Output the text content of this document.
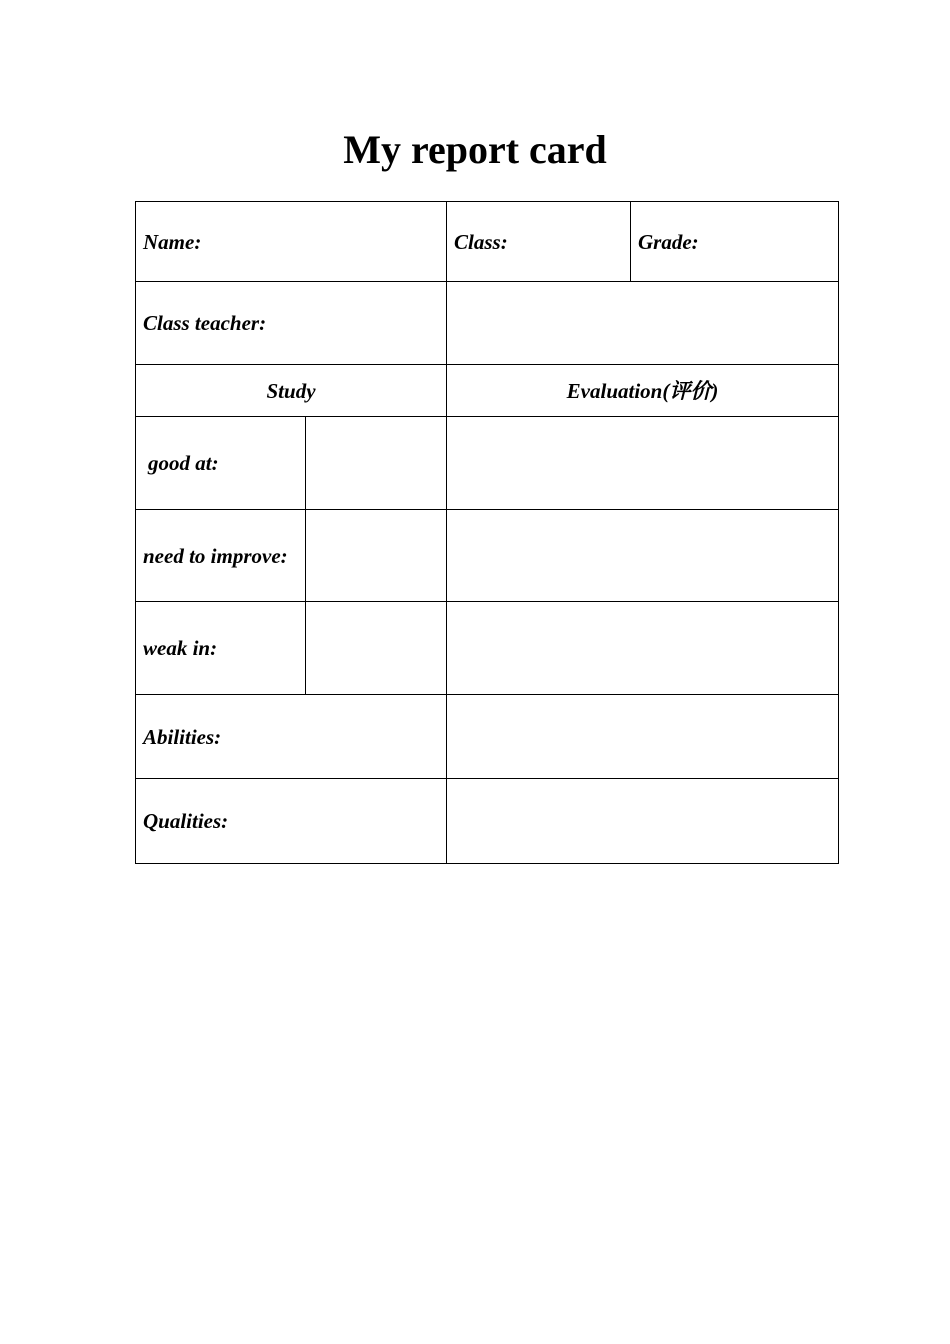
My report card
Name:		Class:	Grade:
Class teacher:			
Study		Evaluation(评价)	
good at:			
need to improve:			
weak in:			
Abilities:			
Qualities:			
